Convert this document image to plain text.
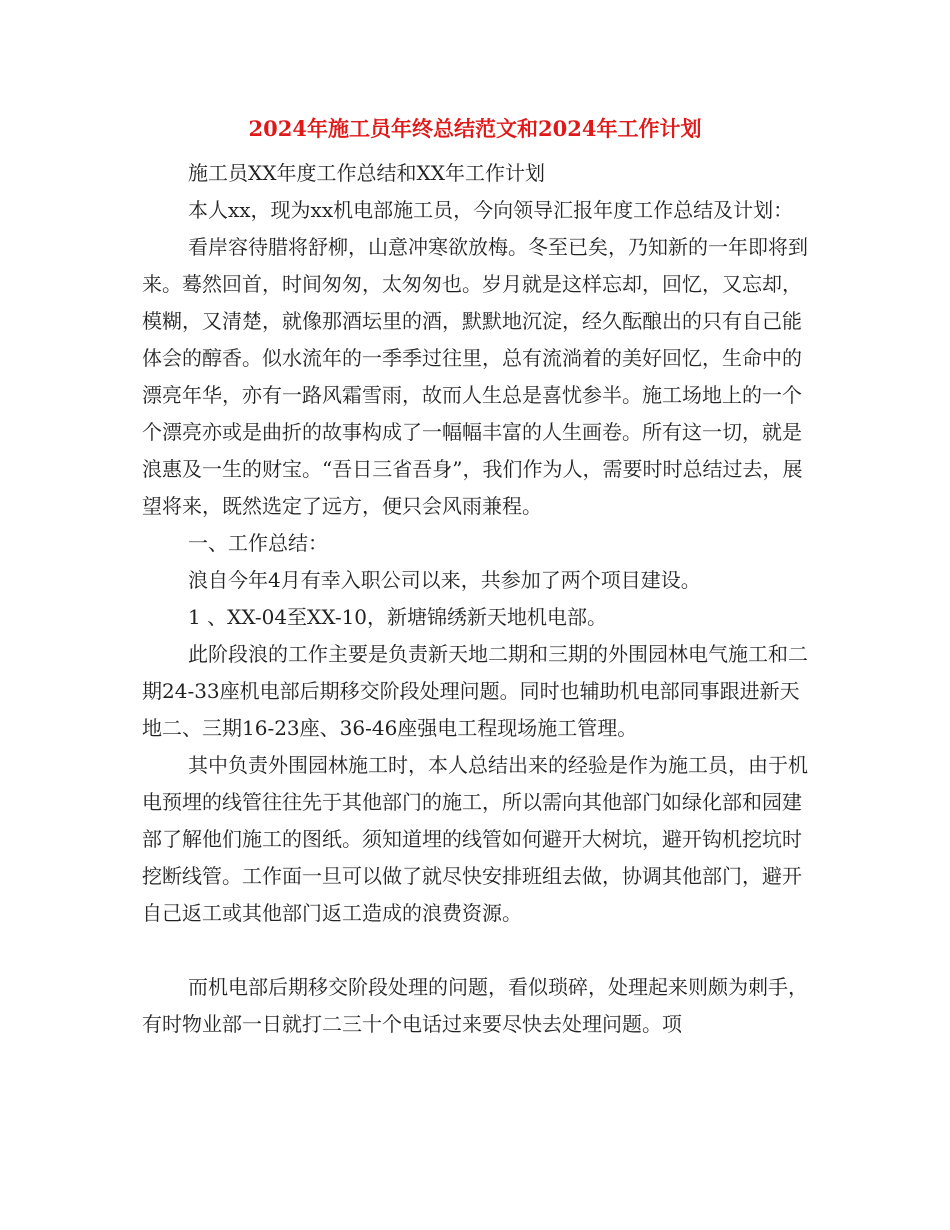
2024年施工员年终总结范文和2024年工作计划

施工员XX年度工作总结和XX年工作计划

本人xx，现为xx机电部施工员，今向领导汇报年度工作总结及计划：

看岸容待腊将舒柳，山意冲寒欲放梅。冬至已矣，乃知新的一年即将到来。蓦然回首，时间匆匆，太匆匆也。岁月就是这样忘却，回忆，又忘却，模糊，又清楚，就像那酒坛里的酒，默默地沉淀，经久酝酿出的只有自己能体会的醇香。似水流年的一季季过往里，总有流淌着的美好回忆，生命中的漂亮年华，亦有一路风霜雪雨，故而人生总是喜忧参半。施工场地上的一个个漂亮亦或是曲折的故事构成了一幅幅丰富的人生画卷。所有这一切，就是浪惠及一生的财宝。“吾日三省吾身”，我们作为人，需要时时总结过去，展望将来，既然选定了远方，便只会风雨兼程。

一、工作总结：

浪自今年4月有幸入职公司以来，共参加了两个项目建设。

1 、XX-04至XX-10，新塘锦绣新天地机电部。

此阶段浪的工作主要是负责新天地二期和三期的外围园林电气施工和二期24-33座机电部后期移交阶段处理问题。同时也辅助机电部同事跟进新天地二、三期16-23座、36-46座强电工程现场施工管理。

其中负责外围园林施工时，本人总结出来的经验是作为施工员，由于机电预埋的线管往往先于其他部门的施工，所以需向其他部门如绿化部和园建部了解他们施工的图纸。须知道埋的线管如何避开大树坑，避开钩机挖坑时挖断线管。工作面一旦可以做了就尽快安排班组去做，协调其他部门，避开自己返工或其他部门返工造成的浪费资源。

而机电部后期移交阶段处理的问题，看似琐碎，处理起来则颇为刺手，有时物业部一日就打二三十个电话过来要尽快去处理问题。项
